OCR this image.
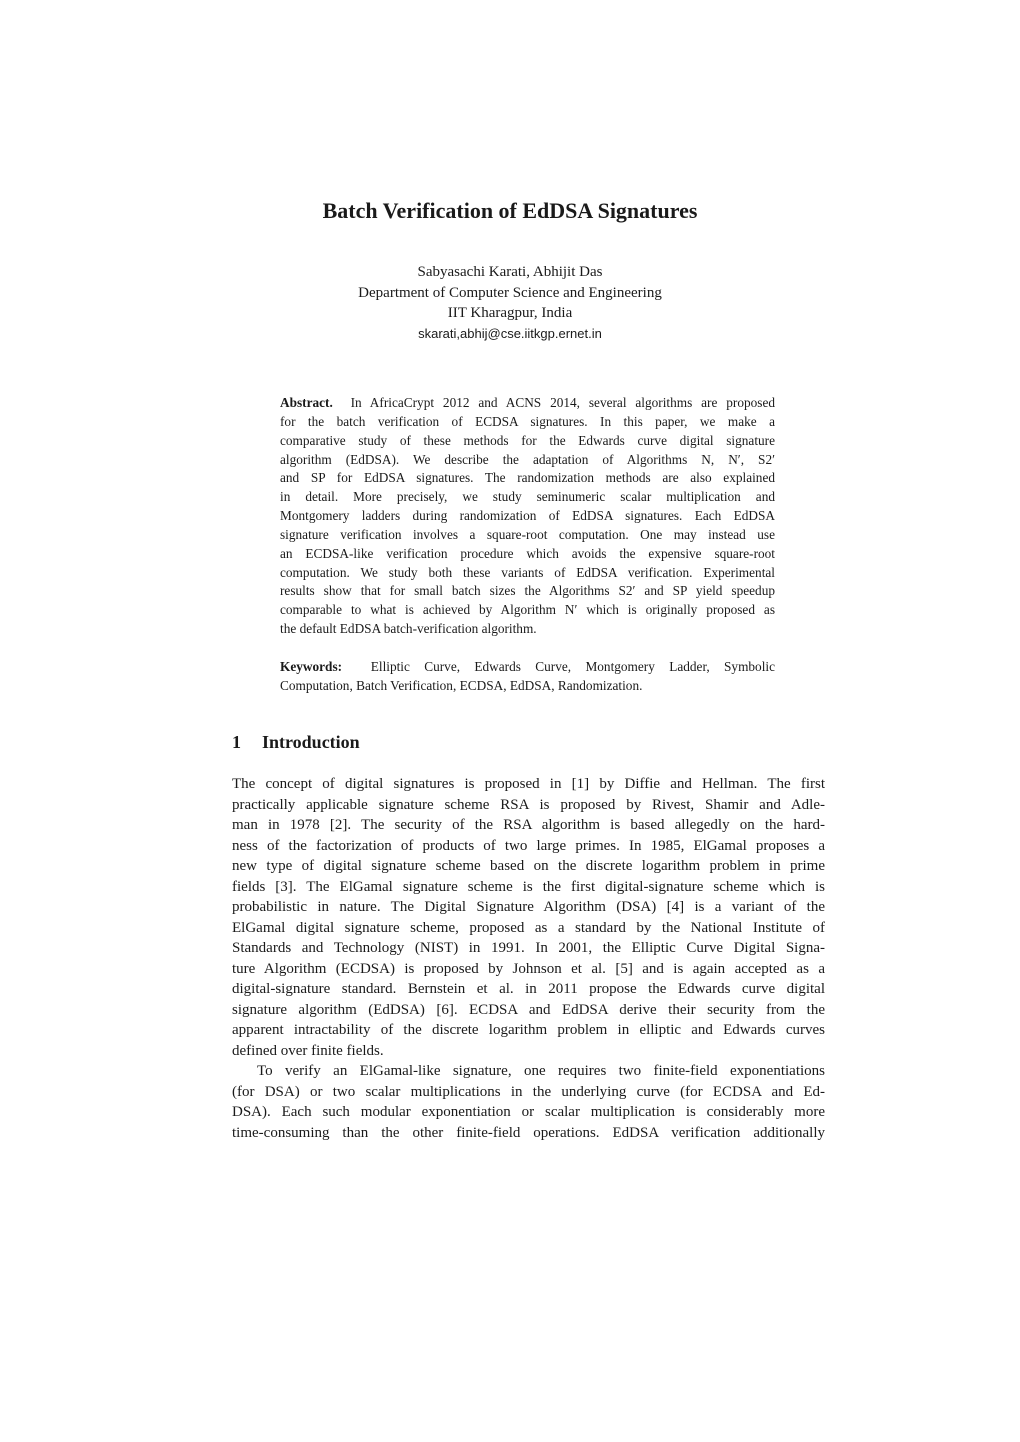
Batch Verification of EdDSA Signatures
Sabyasachi Karati, Abhijit Das
Department of Computer Science and Engineering
IIT Kharagpur, India
skarati,abhij@cse.iitkgp.ernet.in
Abstract. In AfricaCrypt 2012 and ACNS 2014, several algorithms are proposed
for the batch verification of ECDSA signatures. In this paper, we make a
comparative study of these methods for the Edwards curve digital signature
algorithm (EdDSA). We describe the adaptation of Algorithms N, N′, S2′
and SP for EdDSA signatures. The randomization methods are also explained
in detail. More precisely, we study seminumeric scalar multiplication and
Montgomery ladders during randomization of EdDSA signatures. Each EdDSA
signature verification involves a square-root computation. One may instead use
an ECDSA-like verification procedure which avoids the expensive square-root
computation. We study both these variants of EdDSA verification. Experimental
results show that for small batch sizes the Algorithms S2′ and SP yield speedup
comparable to what is achieved by Algorithm N′ which is originally proposed as
the default EdDSA batch-verification algorithm.
Keywords: Elliptic Curve, Edwards Curve, Montgomery Ladder, Symbolic
Computation, Batch Verification, ECDSA, EdDSA, Randomization.
1 Introduction
The concept of digital signatures is proposed in [1] by Diffie and Hellman. The first
practically applicable signature scheme RSA is proposed by Rivest, Shamir and Adle-
man in 1978 [2]. The security of the RSA algorithm is based allegedly on the hard-
ness of the factorization of products of two large primes. In 1985, ElGamal proposes a
new type of digital signature scheme based on the discrete logarithm problem in prime
fields [3]. The ElGamal signature scheme is the first digital-signature scheme which is
probabilistic in nature. The Digital Signature Algorithm (DSA) [4] is a variant of the
ElGamal digital signature scheme, proposed as a standard by the National Institute of
Standards and Technology (NIST) in 1991. In 2001, the Elliptic Curve Digital Signa-
ture Algorithm (ECDSA) is proposed by Johnson et al. [5] and is again accepted as a
digital-signature standard. Bernstein et al. in 2011 propose the Edwards curve digital
signature algorithm (EdDSA) [6]. ECDSA and EdDSA derive their security from the
apparent intractability of the discrete logarithm problem in elliptic and Edwards curves
defined over finite fields.
To verify an ElGamal-like signature, one requires two finite-field exponentiations
(for DSA) or two scalar multiplications in the underlying curve (for ECDSA and Ed-
DSA). Each such modular exponentiation or scalar multiplication is considerably more
time-consuming than the other finite-field operations. EdDSA verification additionally
